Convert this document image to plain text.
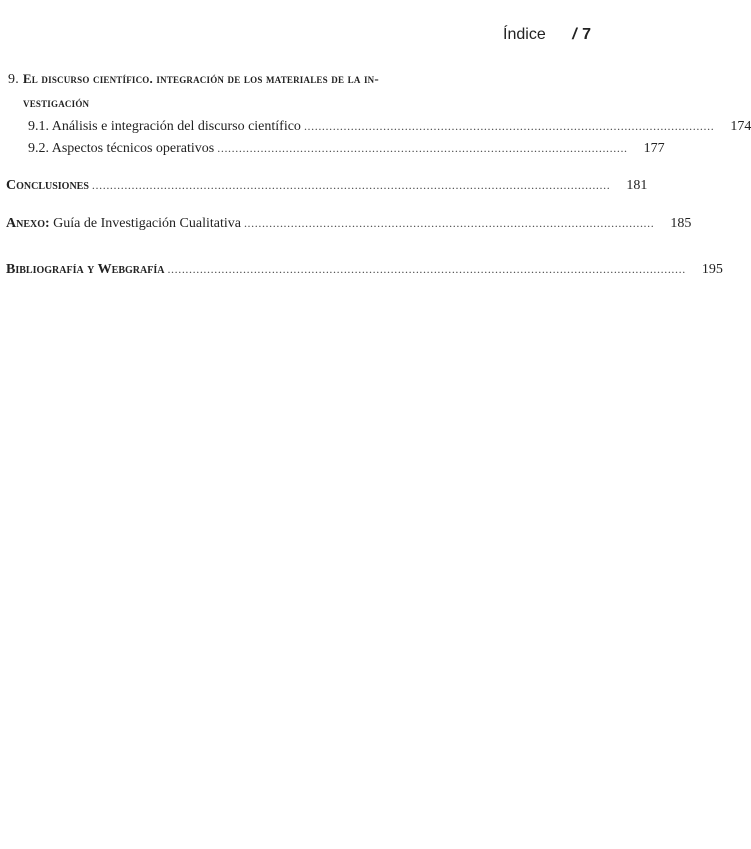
Índice / 7
9. El discurso científico. integración de los materiales de la in-
vestigación
9.1. Análisis e integración del discurso científico ..................................................................................................................	174
9.2. Aspectos técnicos operativos ..................................................................................................................	177
Conclusiones ................................................................................................................................................	181
Anexo: Guía de Investigación Cualitativa ..................................................................................................................	185
Bibliografía y Webgrafía ................................................................................................................................................	195
